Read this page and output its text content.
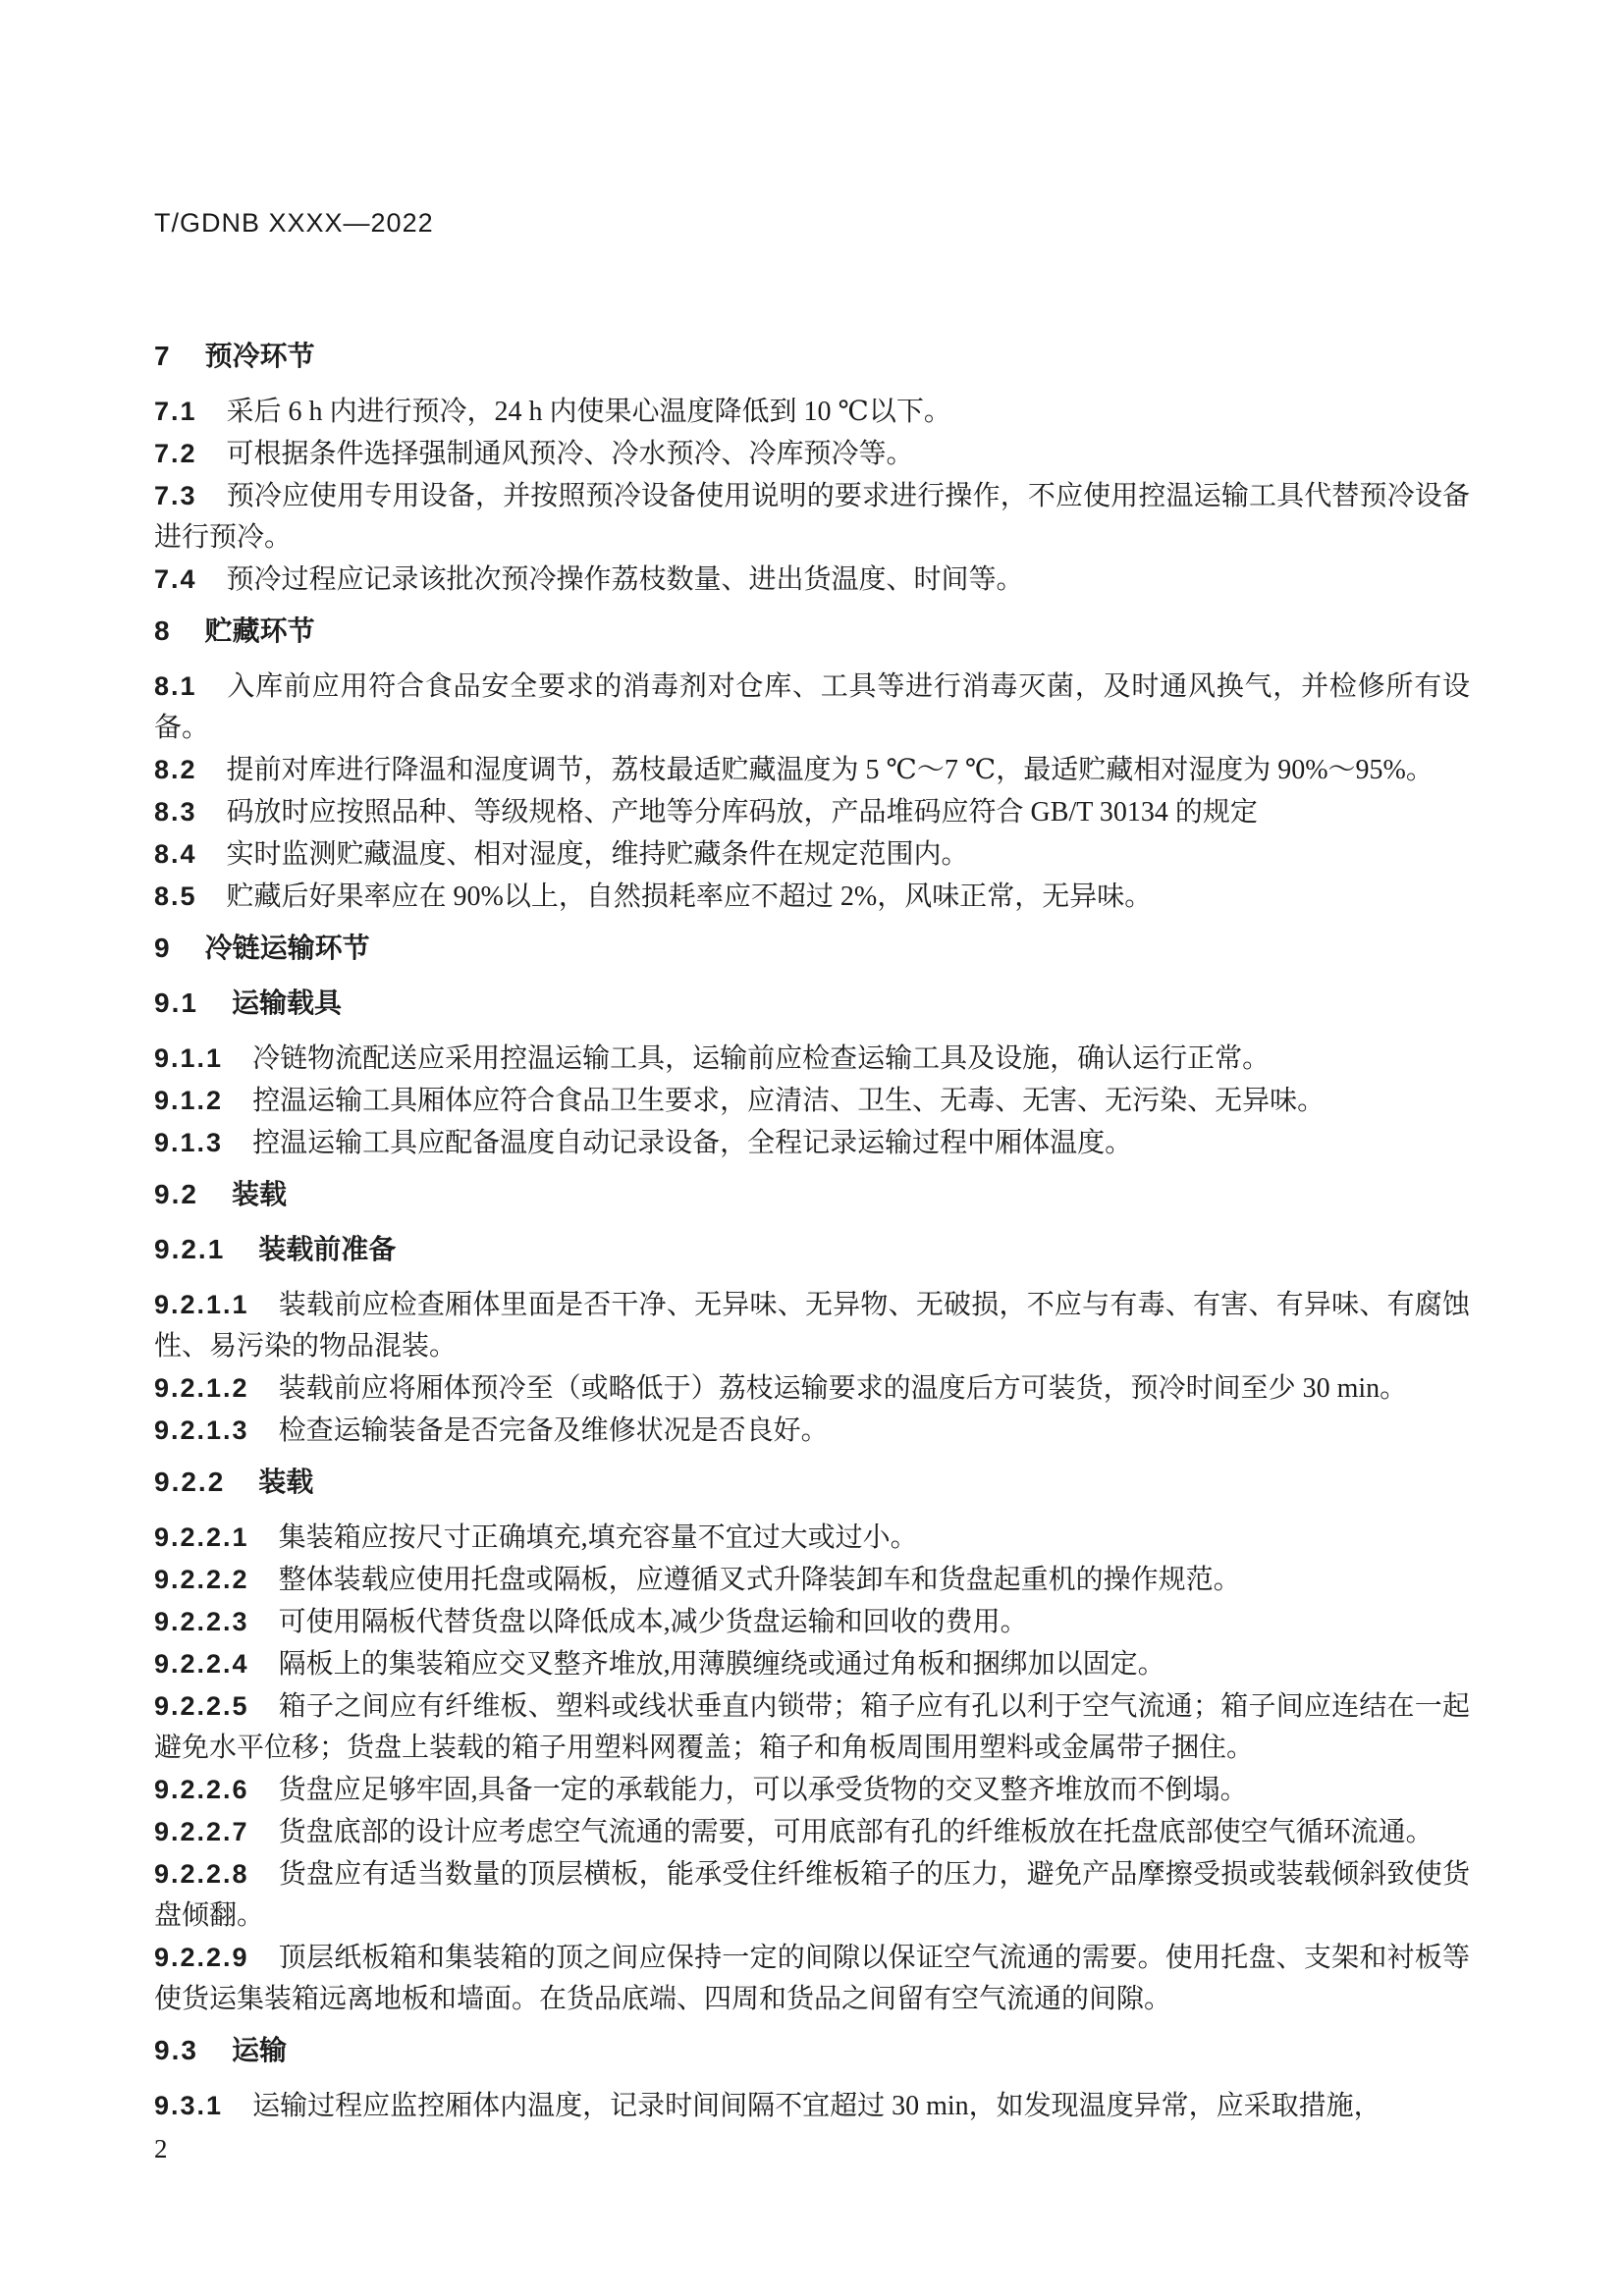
T/GDNB XXXX—2022
7 预冷环节

7.1 采后 6 h 内进行预冷，24 h 内使果心温度降低到 10 ℃以下。

7.2 可根据条件选择强制通风预冷、冷水预冷、冷库预冷等。

7.3 预冷应使用专用设备，并按照预冷设备使用说明的要求进行操作，不应使用控温运输工具代替预冷设备进行预冷。

7.4 预冷过程应记录该批次预冷操作荔枝数量、进出货温度、时间等。

8 贮藏环节

8.1 入库前应用符合食品安全要求的消毒剂对仓库、工具等进行消毒灭菌，及时通风换气，并检修所有设备。

8.2 提前对库进行降温和湿度调节，荔枝最适贮藏温度为 5 ℃～7 ℃，最适贮藏相对湿度为 90%～95%。

8.3 码放时应按照品种、等级规格、产地等分库码放，产品堆码应符合 GB/T 30134 的规定

8.4 实时监测贮藏温度、相对湿度，维持贮藏条件在规定范围内。

8.5 贮藏后好果率应在 90%以上，自然损耗率应不超过 2%，风味正常，无异味。

9 冷链运输环节
9.1 运输载具

9.1.1 冷链物流配送应采用控温运输工具，运输前应检查运输工具及设施，确认运行正常。

9.1.2 控温运输工具厢体应符合食品卫生要求，应清洁、卫生、无毒、无害、无污染、无异味。

9.1.3 控温运输工具应配备温度自动记录设备，全程记录运输过程中厢体温度。

9.2 装载
9.2.1 装载前准备

9.2.1.1 装载前应检查厢体里面是否干净、无异味、无异物、无破损，不应与有毒、有害、有异味、有腐蚀性、易污染的物品混装。

9.2.1.2 装载前应将厢体预冷至（或略低于）荔枝运输要求的温度后方可装货，预冷时间至少 30 min。

9.2.1.3 检查运输装备是否完备及维修状况是否良好。

9.2.2 装载

9.2.2.1 集装箱应按尺寸正确填充,填充容量不宜过大或过小。

9.2.2.2 整体装载应使用托盘或隔板，应遵循叉式升降装卸车和货盘起重机的操作规范。

9.2.2.3 可使用隔板代替货盘以降低成本,减少货盘运输和回收的费用。

9.2.2.4 隔板上的集装箱应交叉整齐堆放,用薄膜缠绕或通过角板和捆绑加以固定。

9.2.2.5 箱子之间应有纤维板、塑料或线状垂直内锁带；箱子应有孔以利于空气流通；箱子间应连结在一起避免水平位移；货盘上装载的箱子用塑料网覆盖；箱子和角板周围用塑料或金属带子捆住。

9.2.2.6 货盘应足够牢固,具备一定的承载能力，可以承受货物的交叉整齐堆放而不倒塌。

9.2.2.7 货盘底部的设计应考虑空气流通的需要，可用底部有孔的纤维板放在托盘底部使空气循环流通。

9.2.2.8 货盘应有适当数量的顶层横板，能承受住纤维板箱子的压力，避免产品摩擦受损或装载倾斜致使货盘倾翻。

9.2.2.9 顶层纸板箱和集装箱的顶之间应保持一定的间隙以保证空气流通的需要。使用托盘、支架和衬板等使货运集装箱远离地板和墙面。在货品底端、四周和货品之间留有空气流通的间隙。

9.3 运输

9.3.1 运输过程应监控厢体内温度，记录时间间隔不宜超过 30 min，如发现温度异常，应采取措施，

2
